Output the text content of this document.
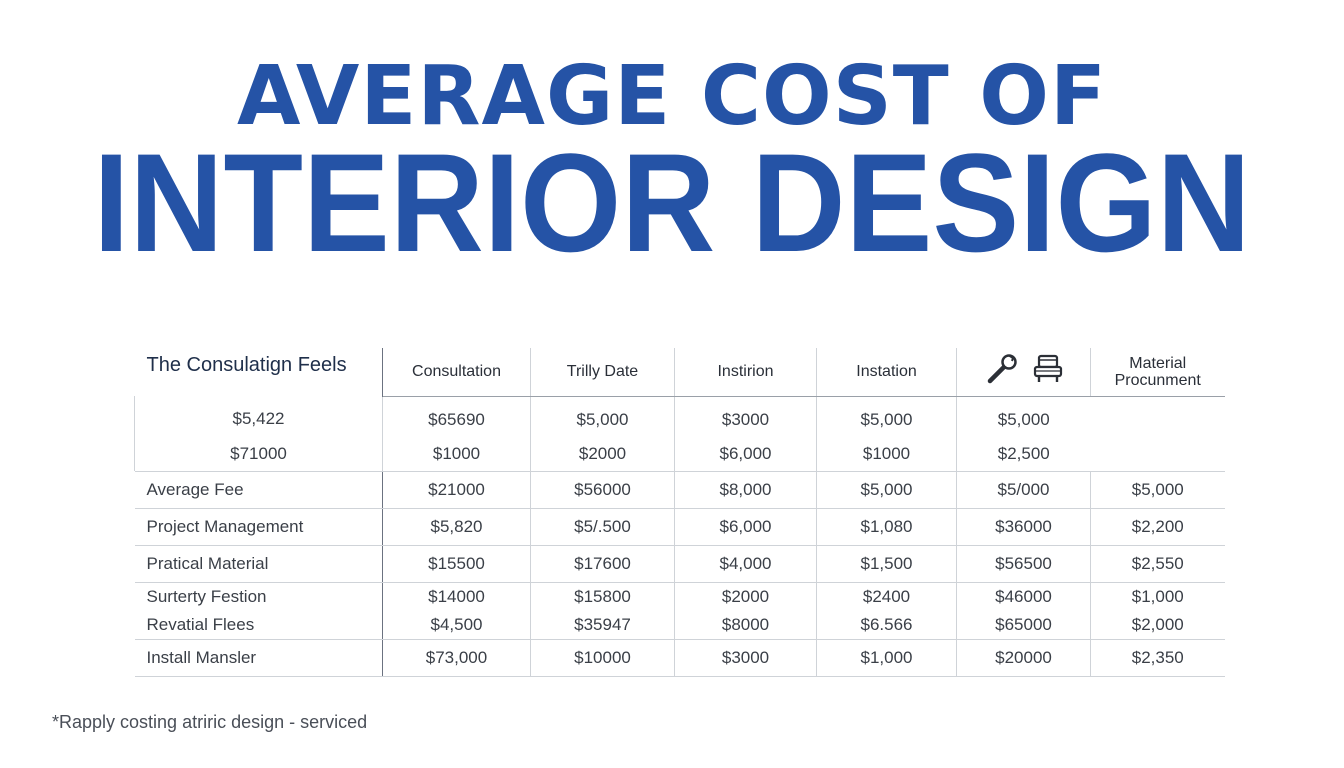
AVERAGE COST OF
INTERIOR DESIGN
The Consulatign Feels	Consultation	Trilly Date	Instirion	Instation		Material
Procunment
$5,422	$65690	$5,000	$3000	$5,000	$5,000	
$71000	$1000	$2000	$6,000	$1000	$2,500	

Average Fee	$21000	$56000	$8,000	$5,000	$5/000	$5,000
Project Management	$5,820	$5/.500	$6,000	$1,080	$36000	$2,200
Pratical Material	$15500	$17600	$4,000	$1,500	$56500	$2,550
Surterty Festion	$14000	$15800	$2000	$2400	$46000	$1,000
Revatial Flees	$4,500	$35947	$8000	$6.566	$65000	$2,000
Install Mansler	$73,000	$10000	$3000	$1,000	$20000	$2,350
*Rapply costing atriric design - serviced
